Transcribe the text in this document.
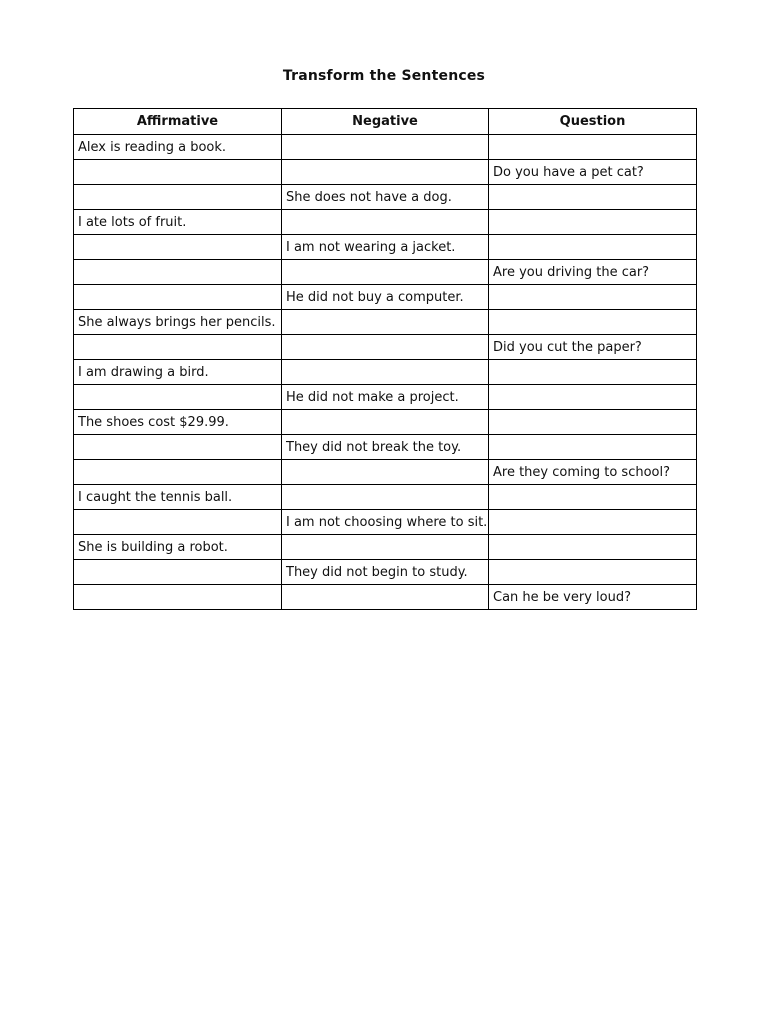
Transform the Sentences
Affirmative	Negative	Question
Alex is reading a book.		
		Do you have a pet cat?
	She does not have a dog.	
I ate lots of fruit.		
	I am not wearing a jacket.	
		Are you driving the car?
	He did not buy a computer.	
She always brings her pencils.		
		Did you cut the paper?
I am drawing a bird.		
	He did not make a project.	
The shoes cost $29.99.		
	They did not break the toy.	
		Are they coming to school?
I caught the tennis ball.		
	I am not choosing where to sit.	
She is building a robot.		
	They did not begin to study.	
		Can he be very loud?
